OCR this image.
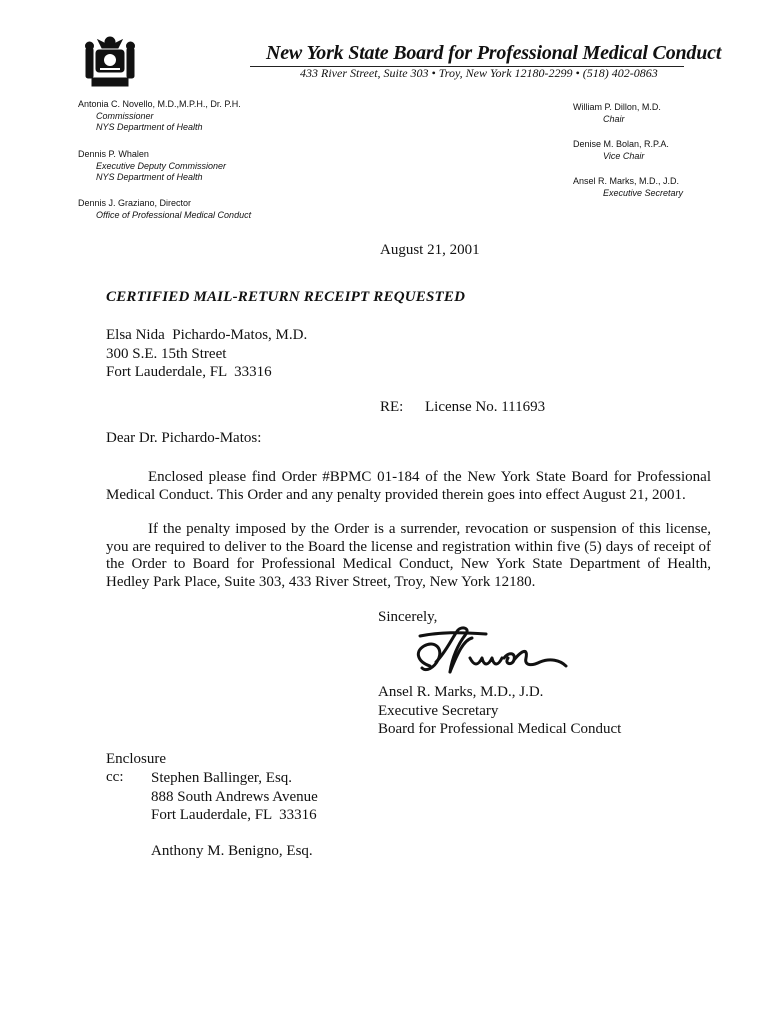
New York State Board for Professional Medical Conduct
433 River Street, Suite 303 • Troy, New York 12180-2299 • (518) 402-0863
Antonia C. Novello, M.D.,M.P.H., Dr. P.H.
Commissioner
NYS Department of Health
Dennis P. Whalen
Executive Deputy Commissioner
NYS Department of Health
Dennis J. Graziano, Director
Office of Professional Medical Conduct
William P. Dillon, M.D.
Chair
Denise M. Bolan, R.P.A.
Vice Chair
Ansel R. Marks, M.D., J.D.
Executive Secretary
August 21, 2001
CERTIFIED MAIL-RETURN RECEIPT REQUESTED
Elsa Nida  Pichardo-Matos, M.D.
300 S.E. 15th Street
Fort Lauderdale, FL  33316
RE: License No. 111693
Dear Dr. Pichardo-Matos:

Enclosed please find Order #BPMC 01-184 of the New York State Board for Professional Medical Conduct. This Order and any penalty provided therein goes into effect August 21, 2001.

If the penalty imposed by the Order is a surrender, revocation or suspension of this license, you are required to deliver to the Board the license and registration within five (5) days of receipt of the Order to Board for Professional Medical Conduct, New York State Department of Health, Hedley Park Place, Suite 303, 433 River Street, Troy, New York 12180.

Sincerely,
Ansel R. Marks, M.D., J.D.
Executive Secretary
Board for Professional Medical Conduct
Enclosure
cc: Stephen Ballinger, Esq.
888 South Andrews Avenue
Fort Lauderdale, FL  33316
Anthony M. Benigno, Esq.
